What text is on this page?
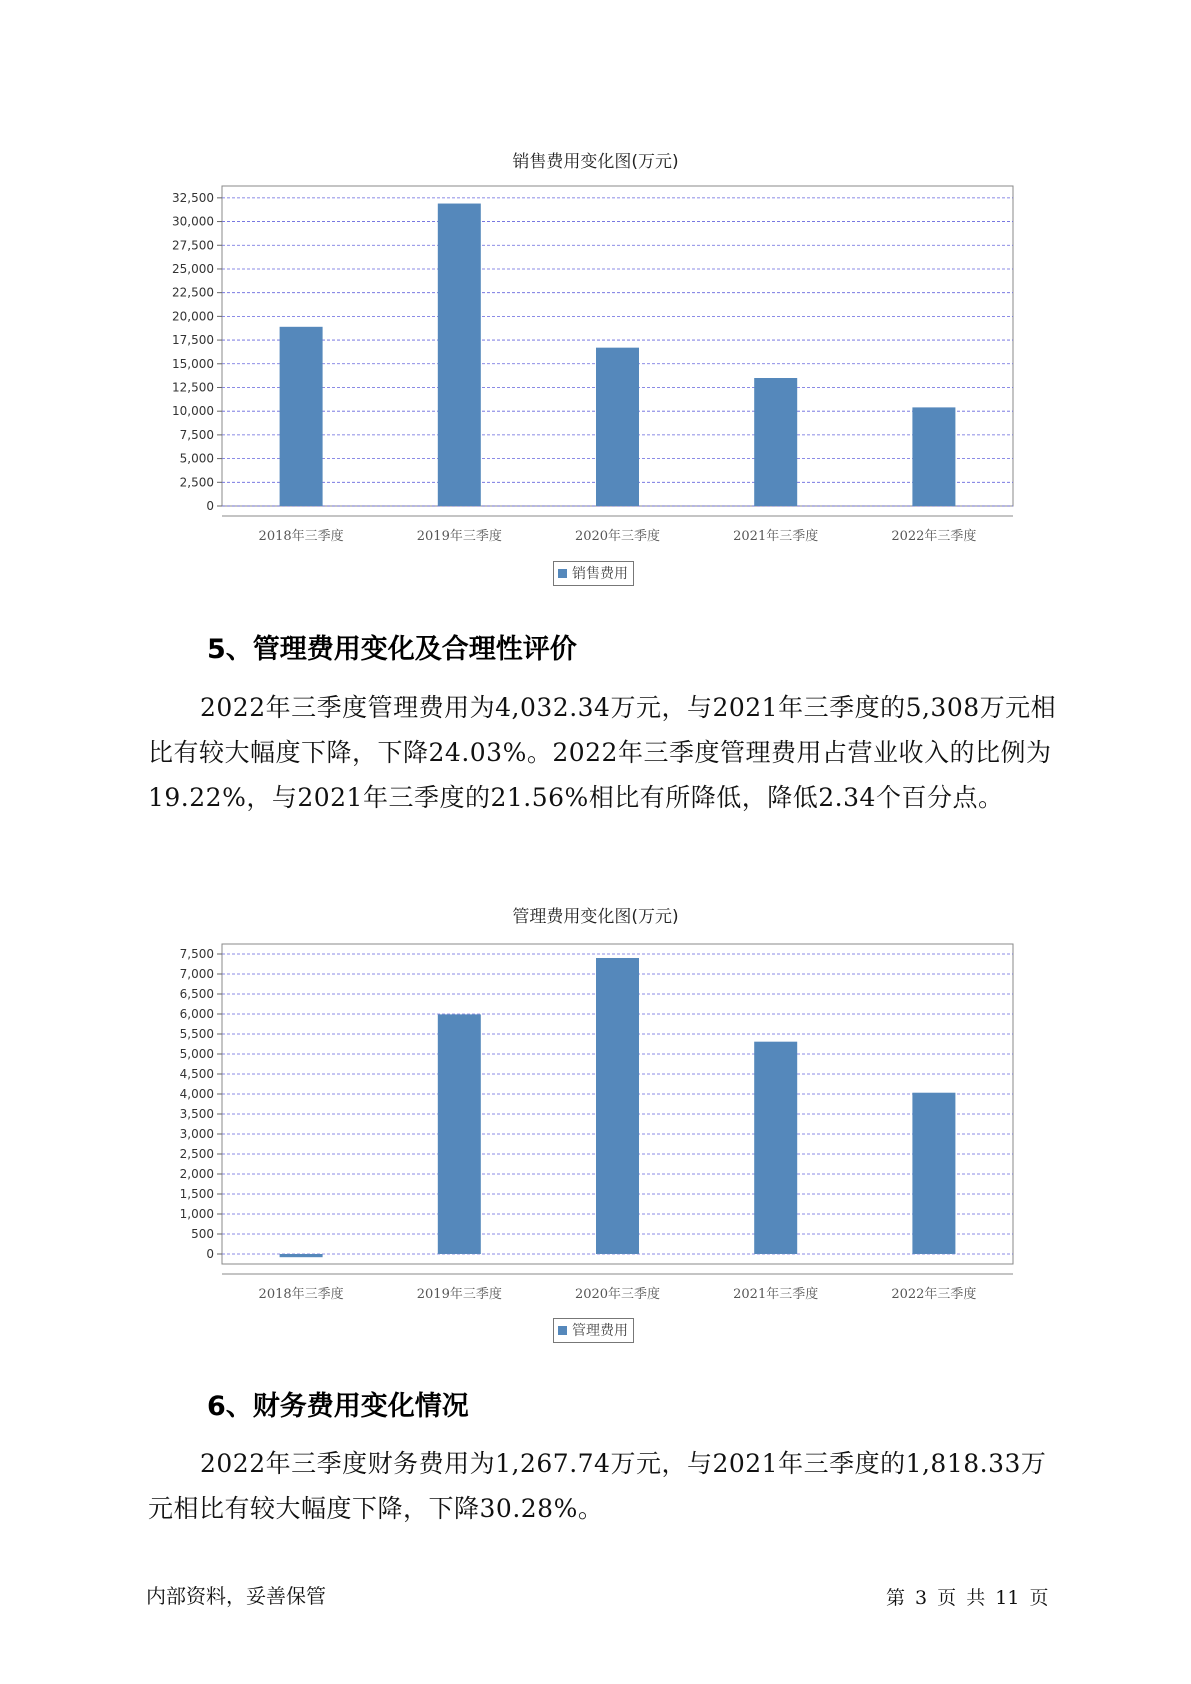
销售费用变化图(万元)
0
2,500
5,000
7,500
10,000
12,500
15,000
17,500
20,000
22,500
25,000
27,500
30,000
32,500
2018年三季度	2019年三季度	2020年三季度	2021年三季度	2022年三季度
销售费用
5、管理费用变化及合理性评价

2022年三季度管理费用为4,032.34万元，与2021年三季度的5,308万元相比有较大幅度下降，下降24.03%。2022年三季度管理费用占营业收入的比例为19.22%，与2021年三季度的21.56%相比有所降低，降低2.34个百分点。

管理费用变化图(万元)
0
500
1,000
1,500
2,000
2,500
3,000
3,500
4,000
4,500
5,000
5,500
6,000
6,500
7,000
7,500
2018年三季度	2019年三季度	2020年三季度	2021年三季度	2022年三季度
管理费用
6、财务费用变化情况

2022年三季度财务费用为1,267.74万元，与2021年三季度的1,818.33万元相比有较大幅度下降，下降30.28%。

内部资料，妥善保管	第 3 页 共 11 页
